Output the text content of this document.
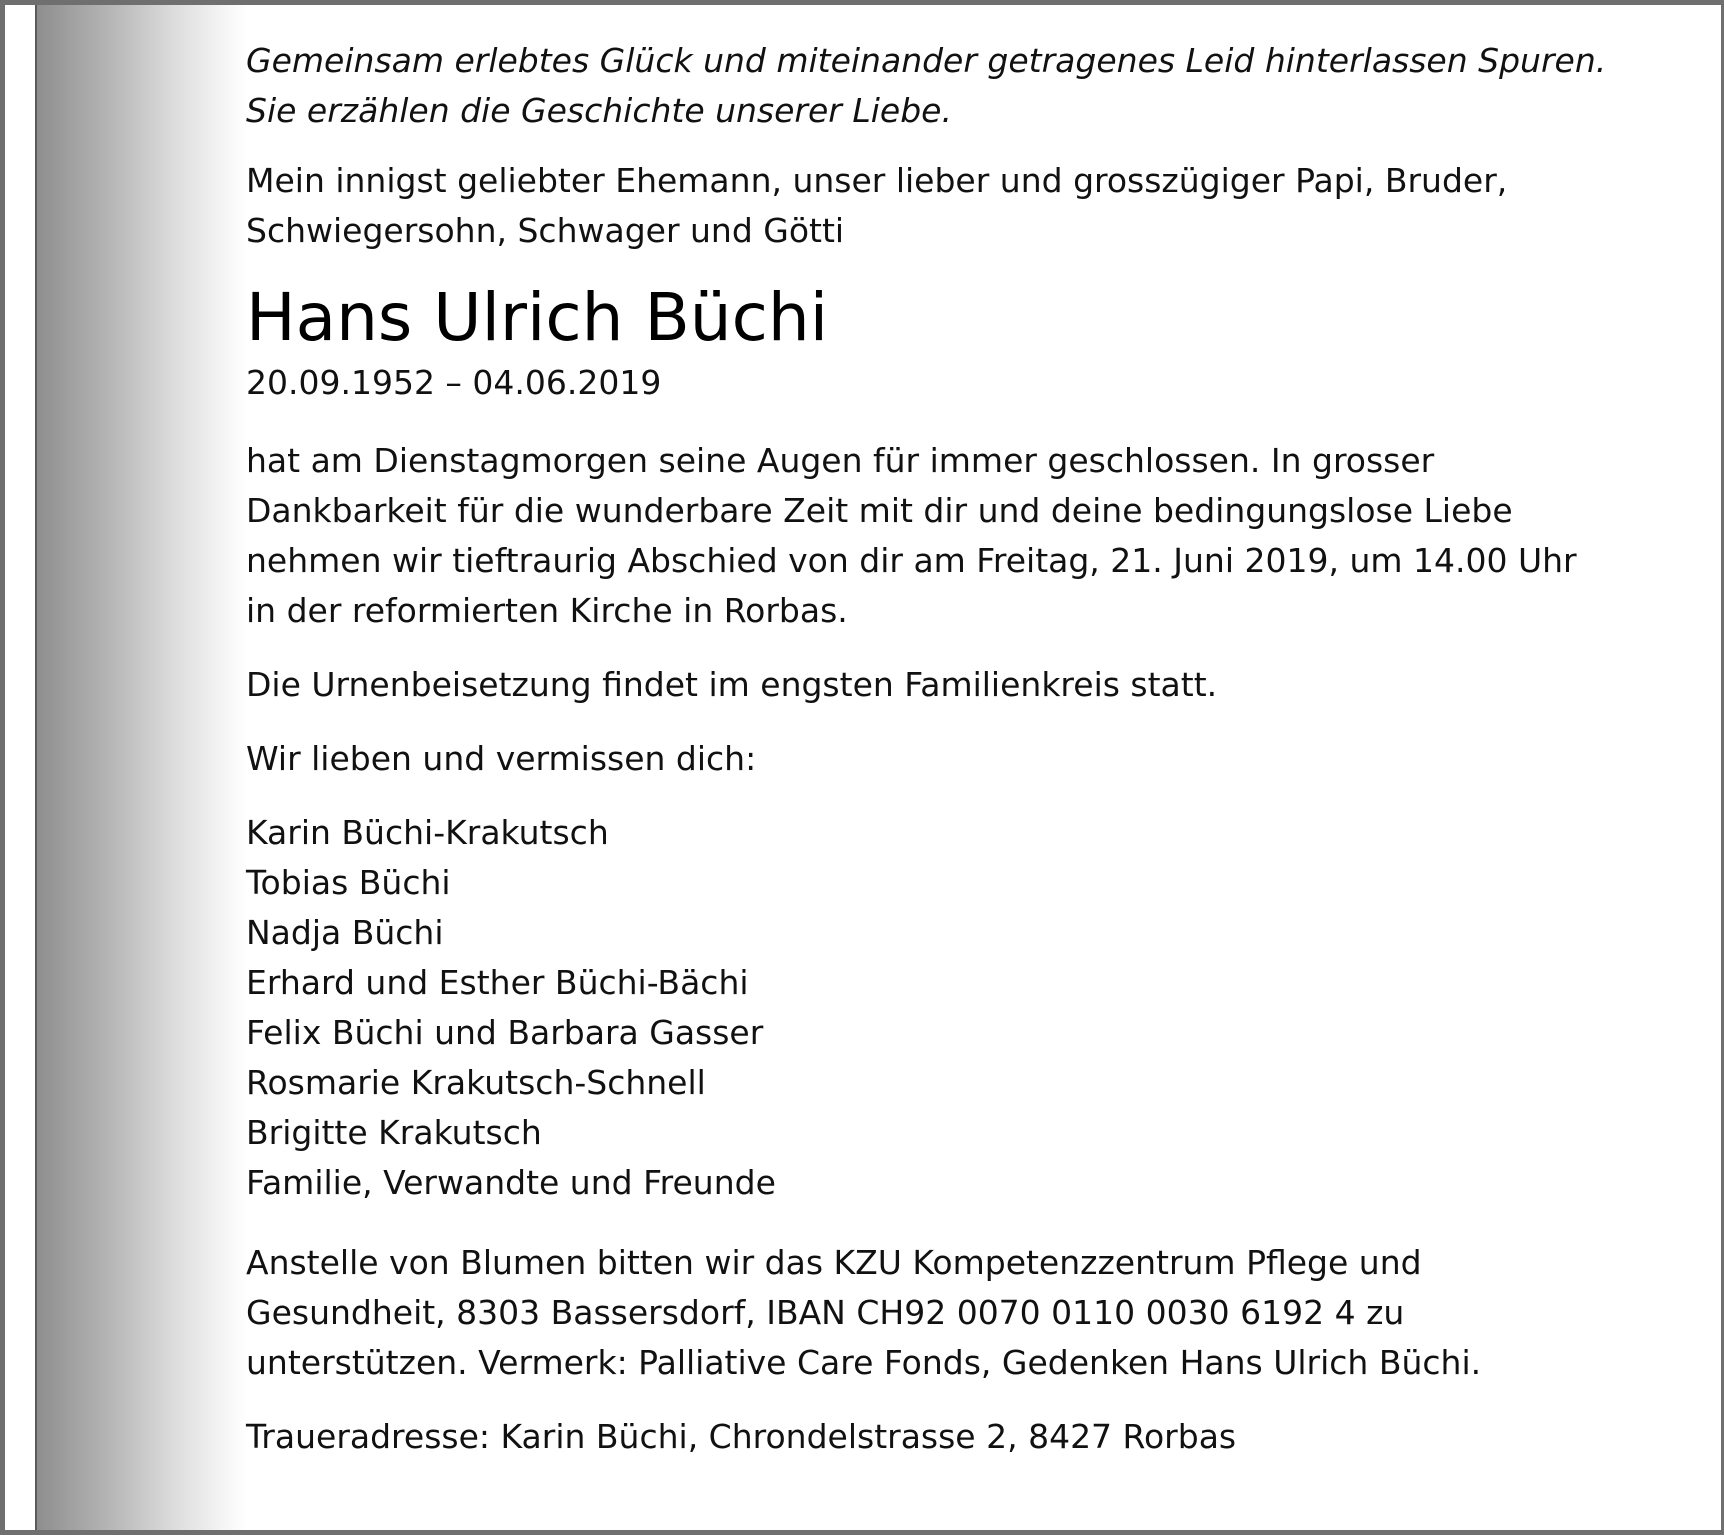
Gemeinsam erlebtes Glück und miteinander getragenes Leid hinterlassen Spuren.
Sie erzählen die Geschichte unserer Liebe.

Mein innigst geliebter Ehemann, unser lieber und grosszügiger Papi, Bruder,
Schwiegersohn, Schwager und Götti

Hans Ulrich Büchi

20.09.1952 – 04.06.2019

hat am Dienstagmorgen seine Augen für immer geschlossen. In grosser
Dankbarkeit für die wunderbare Zeit mit dir und deine bedingungslose Liebe
nehmen wir tieftraurig Abschied von dir am Freitag, 21. Juni 2019, um 14.00 Uhr
in der reformierten Kirche in Rorbas.

Die Urnenbeisetzung findet im engsten Familienkreis statt.

Wir lieben und vermissen dich:

Karin Büchi-Krakutsch
Tobias Büchi
Nadja Büchi
Erhard und Esther Büchi-Bächi
Felix Büchi und Barbara Gasser
Rosmarie Krakutsch-Schnell
Brigitte Krakutsch
Familie, Verwandte und Freunde

Anstelle von Blumen bitten wir das KZU Kompetenzzentrum Pflege und
Gesundheit, 8303 Bassersdorf, IBAN CH92 0070 0110 0030 6192 4 zu
unterstützen. Vermerk: Palliative Care Fonds, Gedenken Hans Ulrich Büchi.

Traueradresse: Karin Büchi, Chrondelstrasse 2, 8427 Rorbas
